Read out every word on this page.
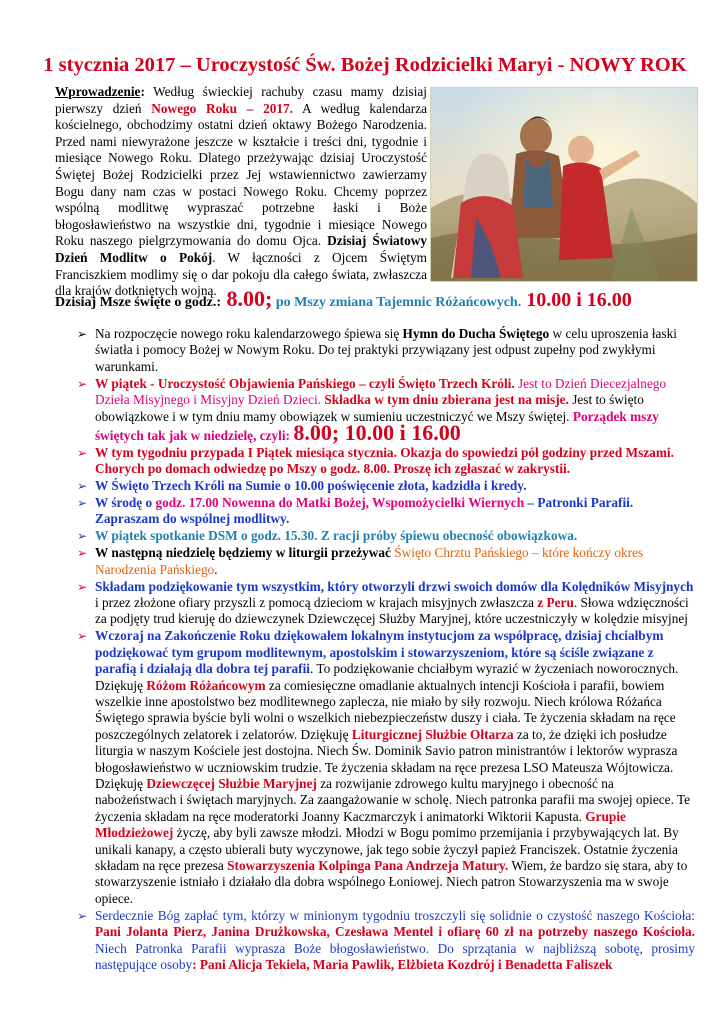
1 stycznia 2017 – Uroczystość Św. Bożej Rodzicielki Maryi - NOWY ROK

Wprowadzenie: Według świeckiej rachuby czasu mamy dzisiaj pierwszy dzień Nowego Roku – 2017. A według kalendarza kościelnego, obchodzimy ostatni dzień oktawy Bożego Narodzenia. Przed nami niewyrażone jeszcze w kształcie i treści dni, tygodnie i miesiące Nowego Roku. Dlatego przeżywając dzisiaj Uroczystość Świętej Bożej Rodzicielki przez Jej wstawiennictwo zawierzamy Bogu dany nam czas w postaci Nowego Roku. Chcemy poprzez wspólną modlitwę wypraszać potrzebne łaski i Boże błogosławieństwo na wszystkie dni, tygodnie i miesiące Nowego Roku naszego pielgrzymowania do domu Ojca. Dzisiaj Światowy Dzień Modlitw o Pokój. W łączności z Ojcem Świętym Franciszkiem modlimy się o dar pokoju dla całego świata, zwłaszcza dla krajów dotkniętych wojną.

Dzisiaj Msze święte o godz.: 8.00; po Mszy zmiana Tajemnic Różańcowych. 10.00 i 16.00
➢ Na rozpoczęcie nowego roku kalendarzowego śpiewa się Hymn do Ducha Świętego w celu uproszenia łaski światła i pomocy Bożej w Nowym Roku. Do tej praktyki przywiązany jest odpust zupełny pod zwykłymi warunkami.
➢ W piątek - Uroczystość Objawienia Pańskiego – czyli Święto Trzech Króli. Jest to Dzień Diecezjalnego Dzieła Misyjnego i Misyjny Dzień Dzieci. Składka w tym dniu zbierana jest na misje. Jest to święto obowiązkowe i w tym dniu mamy obowiązek w sumieniu uczestniczyć we Mszy świętej. Porządek mszy świętych tak jak w niedzielę, czyli: 8.00; 10.00 i 16.00
➢ W tym tygodniu przypada I Piątek miesiąca stycznia. Okazja do spowiedzi pół godziny przed Mszami. Chorych po domach odwiedzę po Mszy o godz. 8.00. Proszę ich zgłaszać w zakrystii.
➢ W Święto Trzech Króli na Sumie o 10.00 poświęcenie złota, kadzidła i kredy.
➢ W środę o godz. 17.00 Nowenna do Matki Bożej, Wspomożycielki Wiernych – Patronki Parafii. Zapraszam do wspólnej modlitwy.
➢ W piątek spotkanie DSM o godz. 15.30. Z racji próby śpiewu obecność obowiązkowa.
➢ W następną niedzielę będziemy w liturgii przeżywać Święto Chrztu Pańskiego – które kończy okres Narodzenia Pańskiego.
➢ Składam podziękowanie tym wszystkim, który otworzyli drzwi swoich domów dla Kolędników Misyjnych i przez złożone ofiary przyszli z pomocą dzieciom w krajach misyjnych zwłaszcza z Peru. Słowa wdzięczności za podjęty trud kieruję do dziewczynek Dziewczęcej Służby Maryjnej, które uczestniczyły w kolędzie misyjnej
➢ Wczoraj na Zakończenie Roku dziękowałem lokalnym instytucjom za współpracę, dzisiaj chciałbym podziękować tym grupom modlitewnym, apostolskim i stowarzyszeniom, które są ściśle związane z parafią i działają dla dobra tej parafii. To podziękowanie chciałbym wyrazić w życzeniach noworocznych. Dziękuję Różom Różańcowym za comiesięczne omadlanie aktualnych intencji Kościoła i parafii, bowiem wszelkie inne apostolstwo bez modlitewnego zaplecza, nie miało by siły rozwoju. Niech królowa Różańca Świętego sprawia byście byli wolni o wszelkich niebezpieczeństw duszy i ciała. Te życzenia składam na ręce poszczególnych zelatorek i zelatorów. Dziękuję Liturgicznej Służbie Ołtarza za to, że dzięki ich posłudze liturgia w naszym Kościele jest dostojna. Niech Św. Dominik Savio patron ministrantów i lektorów wyprasza błogosławieństwo w uczniowskim trudzie. Te życzenia składam na ręce prezesa LSO Mateusza Wójtowicza. Dziękuję Dziewczęcej Służbie Maryjnej za rozwijanie zdrowego kultu maryjnego i obecność na nabożeństwach i świętach maryjnych. Za zaangażowanie w scholę. Niech patronka parafii ma swojej opiece. Te życzenia składam na ręce moderatorki Joanny Kaczmarczyk i animatorki Wiktorii Kapusta. Grupie Młodzieżowej życzę, aby byli zawsze młodzi. Młodzi w Bogu pomimo przemijania i przybywających lat. By unikali kanapy, a często ubierali buty wyczynowe, jak tego sobie życzył papież Franciszek. Ostatnie życzenia składam na ręce prezesa Stowarzyszenia Kolpinga Pana Andrzeja Matury. Wiem, że bardzo się stara, aby to stowarzyszenie istniało i działało dla dobra wspólnego Łoniowej. Niech patron Stowarzyszenia ma w swoje opiece.
➢ Serdecznie Bóg zapłać tym, którzy w minionym tygodniu troszczyli się solidnie o czystość naszego Kościoła: Pani Jolanta Pierz, Janina Drużkowska, Czesława Mentel i ofiarę 60 zł na potrzeby naszego Kościoła. Niech Patronka Parafii wyprasza Boże błogosławieństwo. Do sprzątania w najbliższą sobotę, prosimy następujące osoby: Pani Alicja Tekiela, Maria Pawlik, Elżbieta Kozdrój i Benadetta Faliszek
